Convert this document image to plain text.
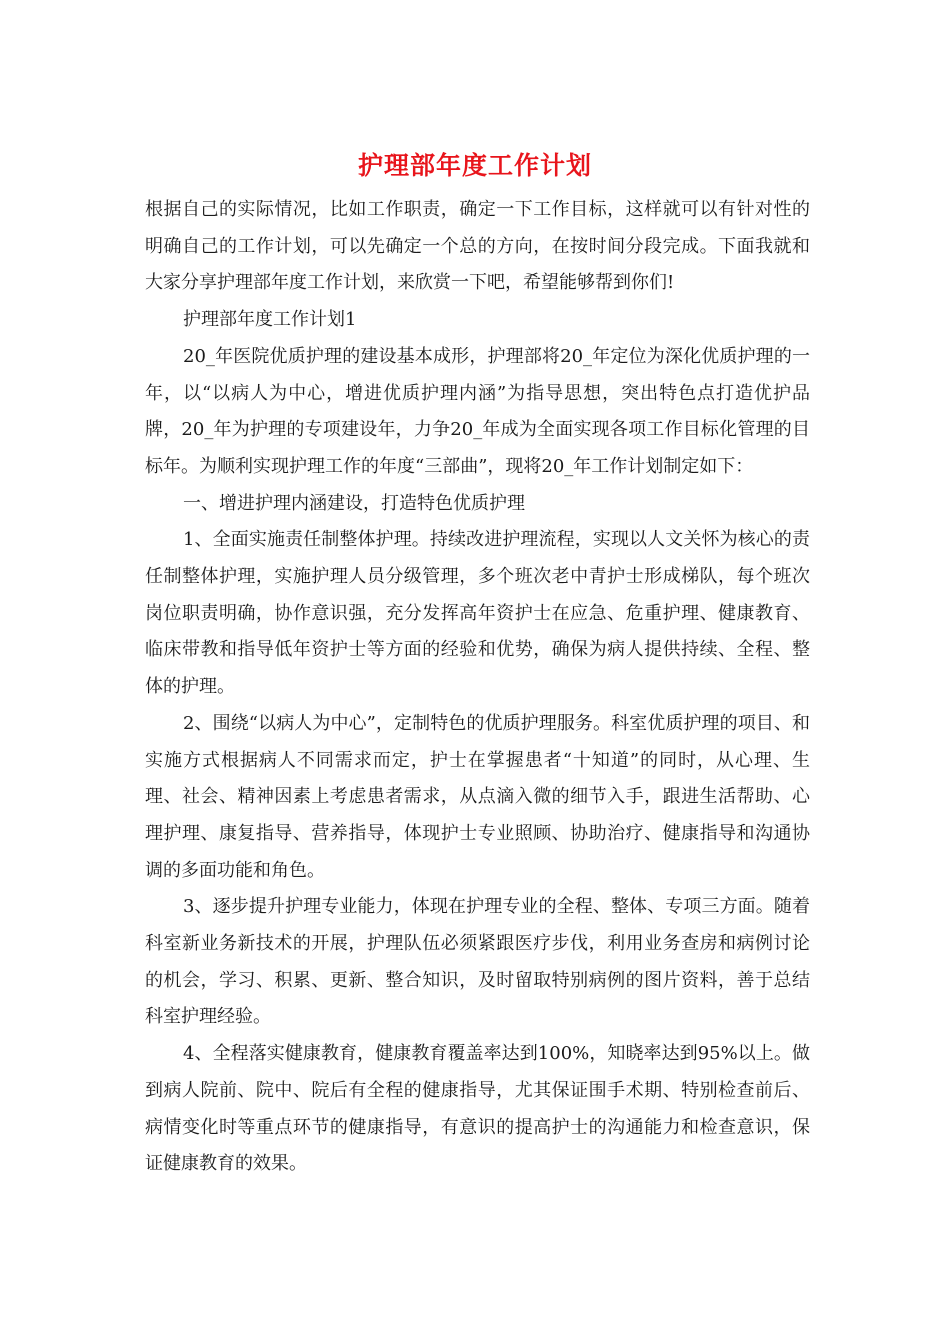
护理部年度工作计划

根据自己的实际情况，比如工作职责，确定一下工作目标，这样就可以有针对性的明确自己的工作计划，可以先确定一个总的方向，在按时间分段完成。下面我就和大家分享护理部年度工作计划，来欣赏一下吧，希望能够帮到你们!

护理部年度工作计划1

20_年医院优质护理的建设基本成形，护理部将20_年定位为深化优质护理的一年，以“以病人为中心，增进优质护理内涵”为指导思想，突出特色点打造优护品牌，20_年为护理的专项建设年，力争20_年成为全面实现各项工作目标化管理的目标年。为顺利实现护理工作的年度“三部曲”，现将20_年工作计划制定如下：

一、增进护理内涵建设，打造特色优质护理

1、全面实施责任制整体护理。持续改进护理流程，实现以人文关怀为核心的责任制整体护理，实施护理人员分级管理，多个班次老中青护士形成梯队，每个班次岗位职责明确，协作意识强，充分发挥高年资护士在应急、危重护理、健康教育、临床带教和指导低年资护士等方面的经验和优势，确保为病人提供持续、全程、整体的护理。

2、围绕“以病人为中心”，定制特色的优质护理服务。科室优质护理的项目、和实施方式根据病人不同需求而定，护士在掌握患者“十知道”的同时，从心理、生理、社会、精神因素上考虑患者需求，从点滴入微的细节入手，跟进生活帮助、心理护理、康复指导、营养指导，体现护士专业照顾、协助治疗、健康指导和沟通协调的多面功能和角色。

3、逐步提升护理专业能力，体现在护理专业的全程、整体、专项三方面。随着科室新业务新技术的开展，护理队伍必须紧跟医疗步伐，利用业务查房和病例讨论的机会，学习、积累、更新、整合知识，及时留取特别病例的图片资料，善于总结科室护理经验。

4、全程落实健康教育，健康教育覆盖率达到100%，知晓率达到95%以上。做到病人院前、院中、院后有全程的健康指导，尤其保证围手术期、特别检查前后、病情变化时等重点环节的健康指导，有意识的提高护士的沟通能力和检查意识，保证健康教育的效果。
